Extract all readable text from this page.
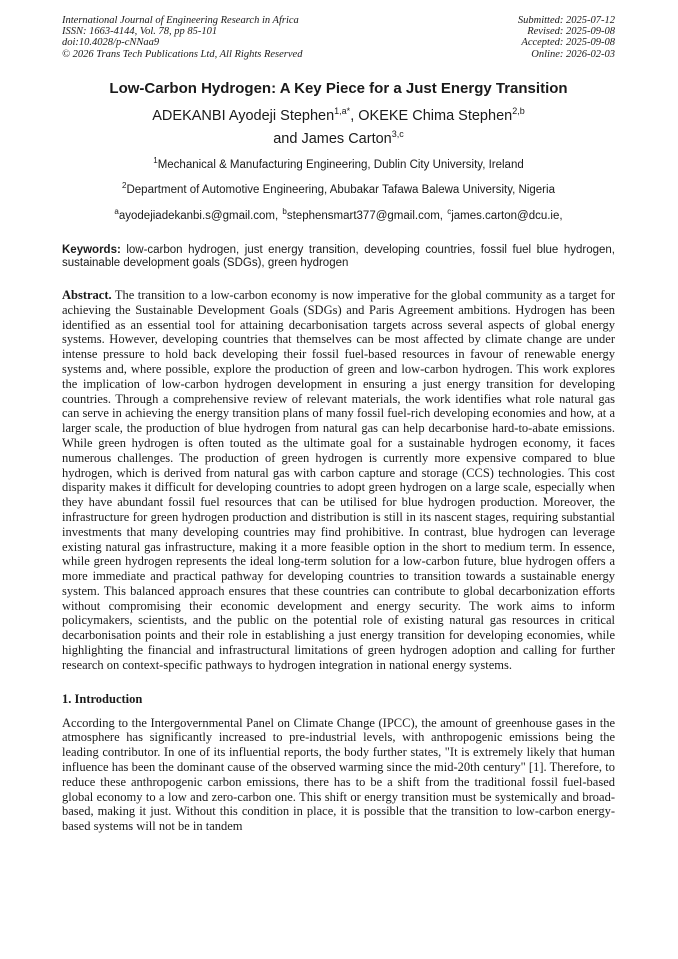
International Journal of Engineering Research in Africa
ISSN: 1663-4144, Vol. 78, pp 85-101
doi:10.4028/p-cNNaa9
© 2026 Trans Tech Publications Ltd, All Rights Reserved
Submitted: 2025-07-12
Revised: 2025-09-08
Accepted: 2025-09-08
Online: 2026-02-03
Low-Carbon Hydrogen: A Key Piece for a Just Energy Transition
ADEKANBI Ayodeji Stephen$^{1,a*}$, OKEKE Chima Stephen$^{2,b}$
and James Carton$^{3,c}$
$^1$Mechanical & Manufacturing Engineering, Dublin City University, Ireland
$^2$Department of Automotive Engineering, Abubakar Tafawa Balewa University, Nigeria
$^a$ayodejiadekanbi.s@gmail.com, $^b$stephensmart377@gmail.com, $^c$james.carton@dcu.ie,
Keywords: low-carbon hydrogen, just energy transition, developing countries, fossil fuel blue hydrogen, sustainable development goals (SDGs), green hydrogen
Abstract. The transition to a low-carbon economy is now imperative for the global community as a target for achieving the Sustainable Development Goals (SDGs) and Paris Agreement ambitions. Hydrogen has been identified as an essential tool for attaining decarbonisation targets across several aspects of global energy systems. However, developing countries that themselves can be most affected by climate change are under intense pressure to hold back developing their fossil fuel-based resources in favour of renewable energy systems and, where possible, explore the production of green and low-carbon hydrogen. This work explores the implication of low-carbon hydrogen development in ensuring a just energy transition for developing countries. Through a comprehensive review of relevant materials, the work identifies what role natural gas can serve in achieving the energy transition plans of many fossil fuel-rich developing economies and how, at a larger scale, the production of blue hydrogen from natural gas can help decarbonise hard-to-abate emissions. While green hydrogen is often touted as the ultimate goal for a sustainable hydrogen economy, it faces numerous challenges. The production of green hydrogen is currently more expensive compared to blue hydrogen, which is derived from natural gas with carbon capture and storage (CCS) technologies. This cost disparity makes it difficult for developing countries to adopt green hydrogen on a large scale, especially when they have abundant fossil fuel resources that can be utilised for blue hydrogen production. Moreover, the infrastructure for green hydrogen production and distribution is still in its nascent stages, requiring substantial investments that many developing countries may find prohibitive. In contrast, blue hydrogen can leverage existing natural gas infrastructure, making it a more feasible option in the short to medium term. In essence, while green hydrogen represents the ideal long-term solution for a low-carbon future, blue hydrogen offers a more immediate and practical pathway for developing countries to transition towards a sustainable energy system. This balanced approach ensures that these countries can contribute to global decarbonization efforts without compromising their economic development and energy security. The work aims to inform policymakers, scientists, and the public on the potential role of existing natural gas resources in critical decarbonisation points and their role in establishing a just energy transition for developing economies, while highlighting the financial and infrastructural limitations of green hydrogen adoption and calling for further research on context-specific pathways to hydrogen integration in national energy systems.
1. Introduction
According to the Intergovernmental Panel on Climate Change (IPCC), the amount of greenhouse gases in the atmosphere has significantly increased to pre-industrial levels, with anthropogenic emissions being the leading contributor. In one of its influential reports, the body further states, "It is extremely likely that human influence has been the dominant cause of the observed warming since the mid-20th century" [1]. Therefore, to reduce these anthropogenic carbon emissions, there has to be a shift from the traditional fossil fuel-based global economy to a low and zero-carbon one. This shift or energy transition must be systemically and broad-based, making it just. Without this condition in place, it is possible that the transition to low-carbon energy-based systems will not be in tandem
